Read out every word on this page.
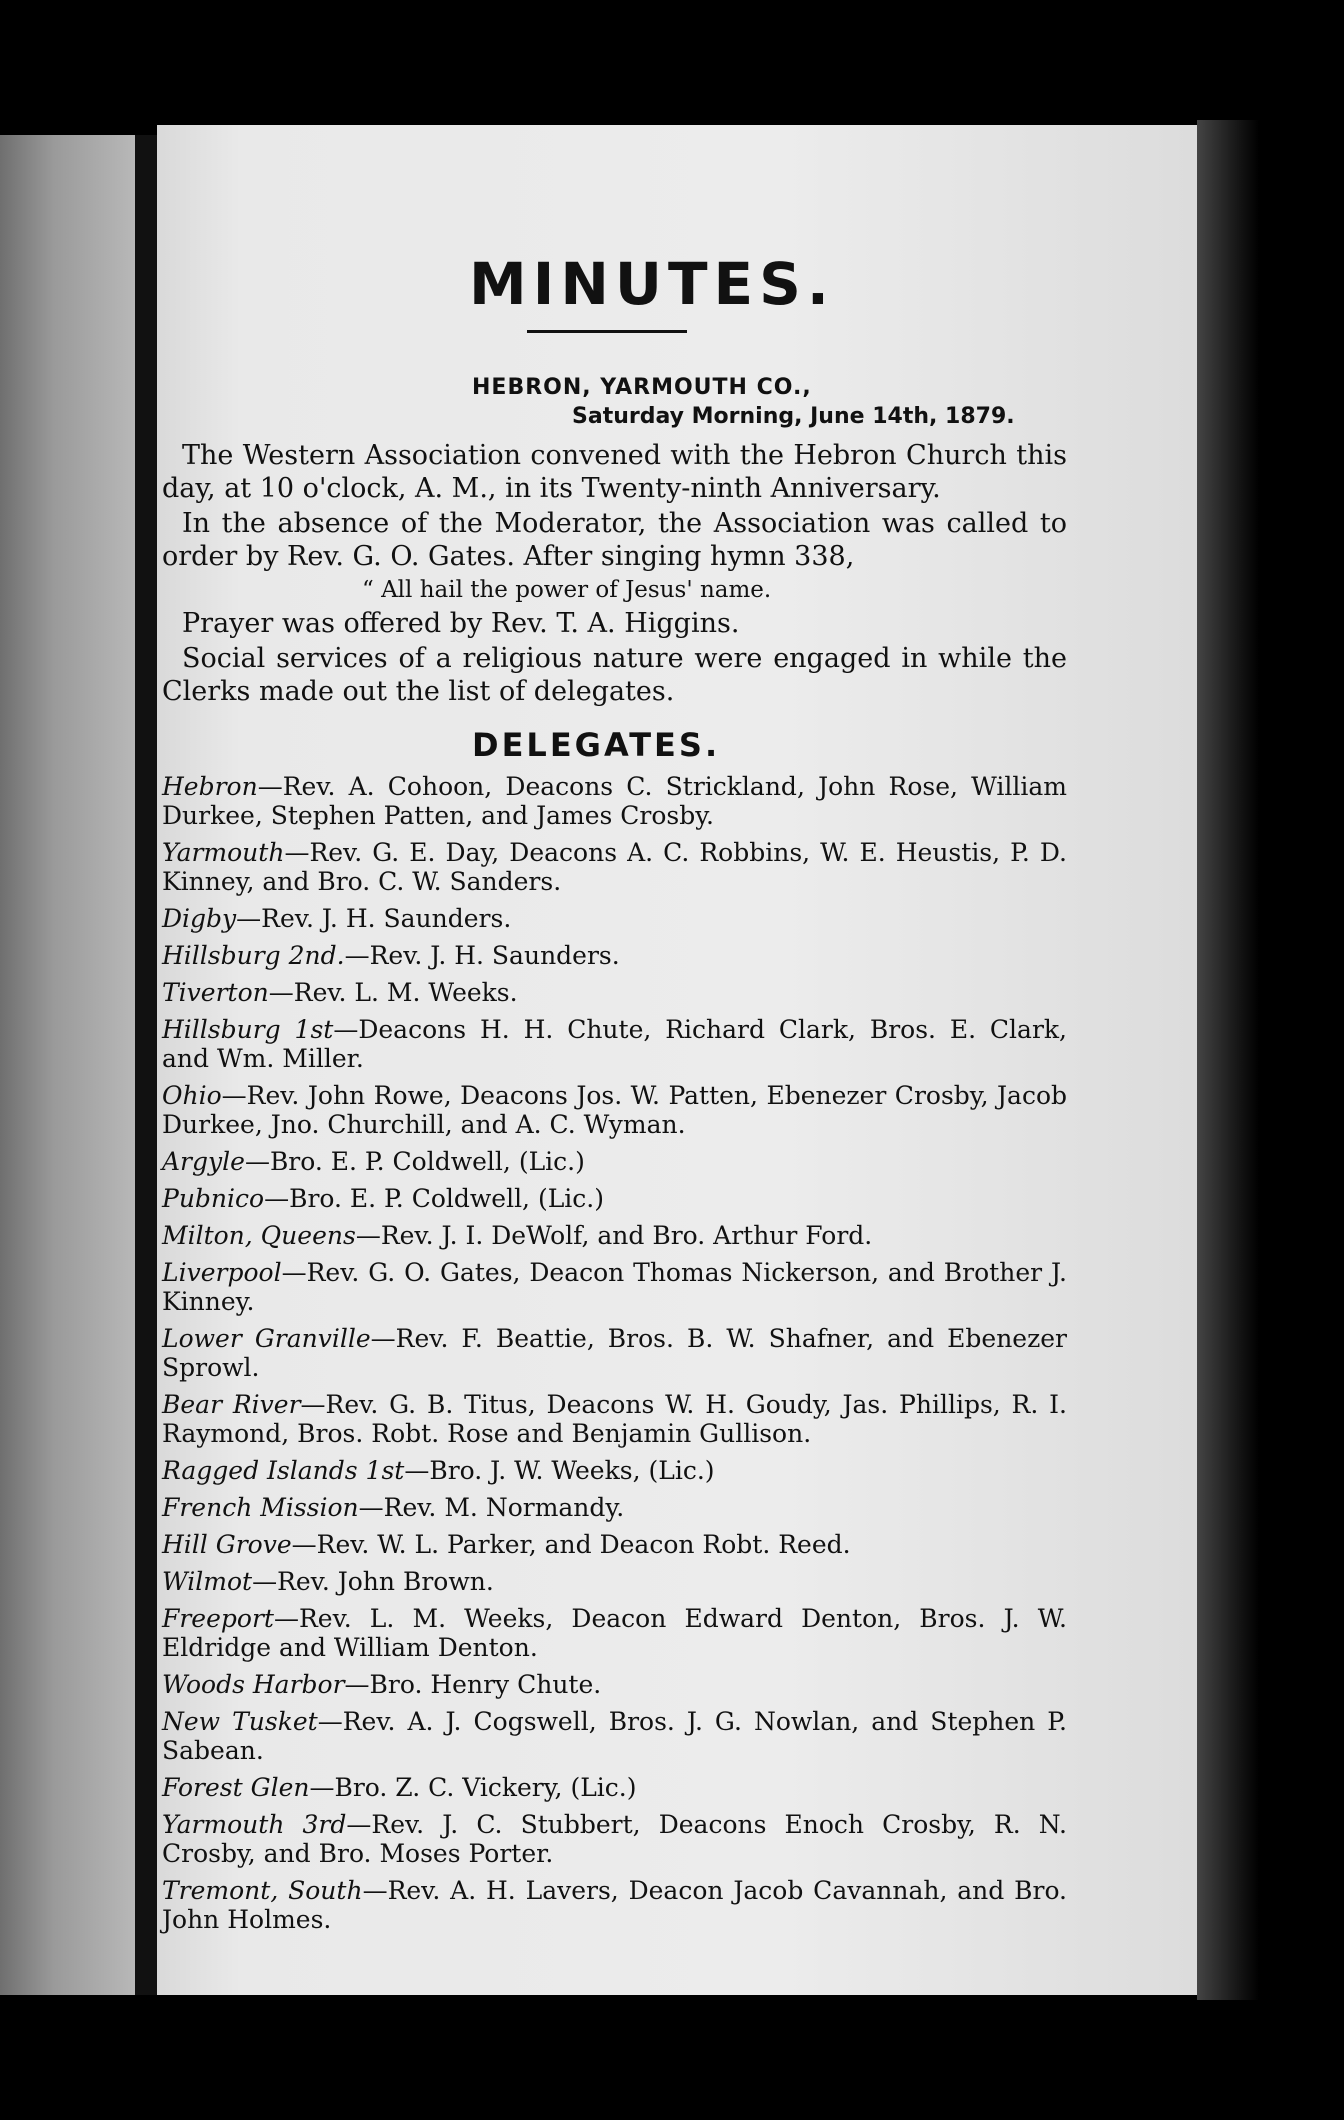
MINUTES.
HEBRON, YARMOUTH CO.,
Saturday Morning, June 14th, 1879.

The Western Association convened with the Hebron Church this day, at 10 o'clock, A. M., in its Twenty-ninth Anniversary.

In the absence of the Moderator, the Association was called to order by Rev. G. O. Gates. After singing hymn 338,

“ All hail the power of Jesus' name.

Prayer was offered by Rev. T. A. Higgins.

Social services of a religious nature were engaged in while the Clerks made out the list of delegates.

DELEGATES.
Hebron—Rev. A. Cohoon, Deacons C. Strickland, John Rose, William Durkee, Stephen Patten, and James Crosby.
Yarmouth—Rev. G. E. Day, Deacons A. C. Robbins, W. E. Heustis, P. D. Kinney, and Bro. C. W. Sanders.
Digby—Rev. J. H. Saunders.
Hillsburg 2nd.—Rev. J. H. Saunders.
Tiverton—Rev. L. M. Weeks.
Hillsburg 1st—Deacons H. H. Chute, Richard Clark, Bros. E. Clark, and Wm. Miller.
Ohio—Rev. John Rowe, Deacons Jos. W. Patten, Ebenezer Crosby, Jacob Durkee, Jno. Churchill, and A. C. Wyman.
Argyle—Bro. E. P. Coldwell, (Lic.)
Pubnico—Bro. E. P. Coldwell, (Lic.)
Milton, Queens—Rev. J. I. DeWolf, and Bro. Arthur Ford.
Liverpool—Rev. G. O. Gates, Deacon Thomas Nickerson, and Brother J. Kinney.
Lower Granville—Rev. F. Beattie, Bros. B. W. Shafner, and Ebenezer Sprowl.
Bear River—Rev. G. B. Titus, Deacons W. H. Goudy, Jas. Phillips, R. I. Raymond, Bros. Robt. Rose and Benjamin Gullison.
Ragged Islands 1st—Bro. J. W. Weeks, (Lic.)
French Mission—Rev. M. Normandy.
Hill Grove—Rev. W. L. Parker, and Deacon Robt. Reed.
Wilmot—Rev. John Brown.
Freeport—Rev. L. M. Weeks, Deacon Edward Denton, Bros. J. W. Eldridge and William Denton.
Woods Harbor—Bro. Henry Chute.
New Tusket—Rev. A. J. Cogswell, Bros. J. G. Nowlan, and Stephen P. Sabean.
Forest Glen—Bro. Z. C. Vickery, (Lic.)
Yarmouth 3rd—Rev. J. C. Stubbert, Deacons Enoch Crosby, R. N. Crosby, and Bro. Moses Porter.
Tremont, South—Rev. A. H. Lavers, Deacon Jacob Cavannah, and Bro. John Holmes.
